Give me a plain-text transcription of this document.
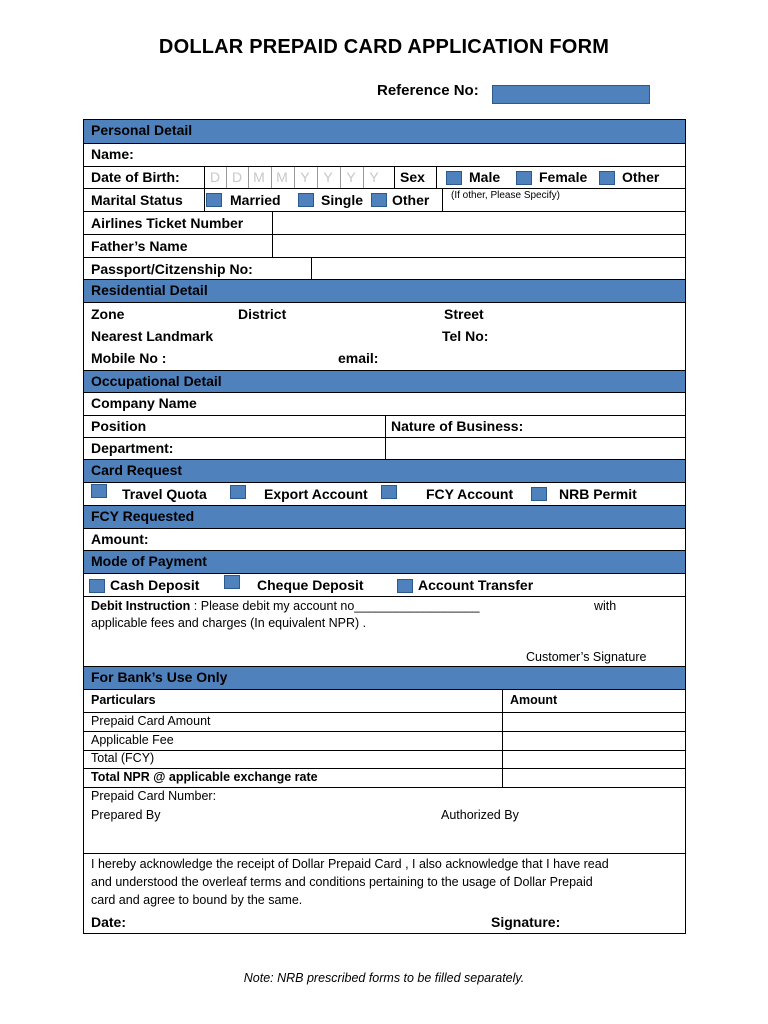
DOLLAR PREPAID CARD APPLICATION FORM
Reference No:
Personal Detail
Name:
Date of Birth:	D D M M Y Y Y Y	Sex	Male	Female Other
Marital Status	Married	Single Other (If other, Please Specify)
Airlines Ticket Number
Father’s Name
Passport/Citzenship No:
Residential Detail
Zone	District	Street
Nearest Landmark	Tel No:
Mobile No :	email:
Occupational Detail
Company Name
Position	Nature of Business:
Department:
Card Request
Travel Quota	Export Account	FCY Account	NRB Permit
FCY Requested
Amount:
Mode of Payment
Cash Deposit	Cheque Deposit	Account Transfer
Debit Instruction : Please debit my account no__________________	with
applicable fees and charges (In equivalent NPR) .
Customer’s Signature
For Bank’s Use Only
Particulars	Amount
Prepaid Card Amount
Applicable Fee
Total (FCY)
Total NPR @ applicable exchange rate
Prepaid Card Number:
Prepared By	Authorized By
I hereby acknowledge the receipt of Dollar Prepaid Card , I also acknowledge that I have read
and understood the overleaf terms and conditions pertaining to the usage of Dollar Prepaid
card and agree to bound by the same.
Date:	Signature:
Note: NRB prescribed forms to be filled separately.
